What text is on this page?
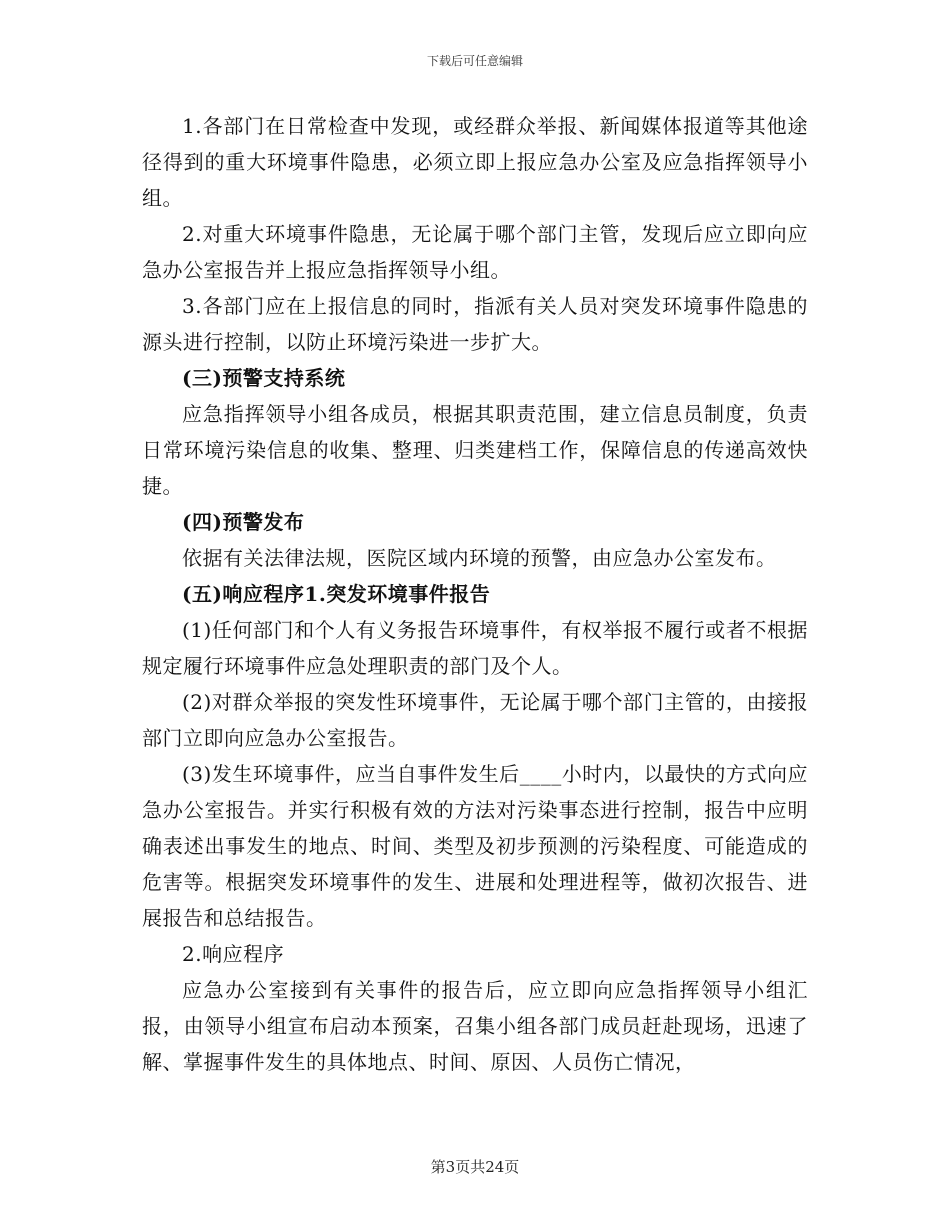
下载后可任意编辑

1.各部门在日常检查中发现，或经群众举报、新闻媒体报道等其他途径得到的重大环境事件隐患，必须立即上报应急办公室及应急指挥领导小组。

2.对重大环境事件隐患，无论属于哪个部门主管，发现后应立即向应急办公室报告并上报应急指挥领导小组。

3.各部门应在上报信息的同时，指派有关人员对突发环境事件隐患的源头进行控制，以防止环境污染进一步扩大。

(三)预警支持系统

应急指挥领导小组各成员，根据其职责范围，建立信息员制度，负责日常环境污染信息的收集、整理、归类建档工作，保障信息的传递高效快捷。

(四)预警发布

依据有关法律法规，医院区域内环境的预警，由应急办公室发布。

(五)响应程序1.突发环境事件报告

(1)任何部门和个人有义务报告环境事件，有权举报不履行或者不根据规定履行环境事件应急处理职责的部门及个人。

(2)对群众举报的突发性环境事件，无论属于哪个部门主管的，由接报部门立即向应急办公室报告。

(3)发生环境事件，应当自事件发生后____小时内，以最快的方式向应急办公室报告。并实行积极有效的方法对污染事态进行控制，报告中应明确表述出事发生的地点、时间、类型及初步预测的污染程度、可能造成的危害等。根据突发环境事件的发生、进展和处理进程等，做初次报告、进展报告和总结报告。

2.响应程序

应急办公室接到有关事件的报告后，应立即向应急指挥领导小组汇报，由领导小组宣布启动本预案，召集小组各部门成员赶赴现场，迅速了解、掌握事件发生的具体地点、时间、原因、人员伤亡情况，

第3页共24页
